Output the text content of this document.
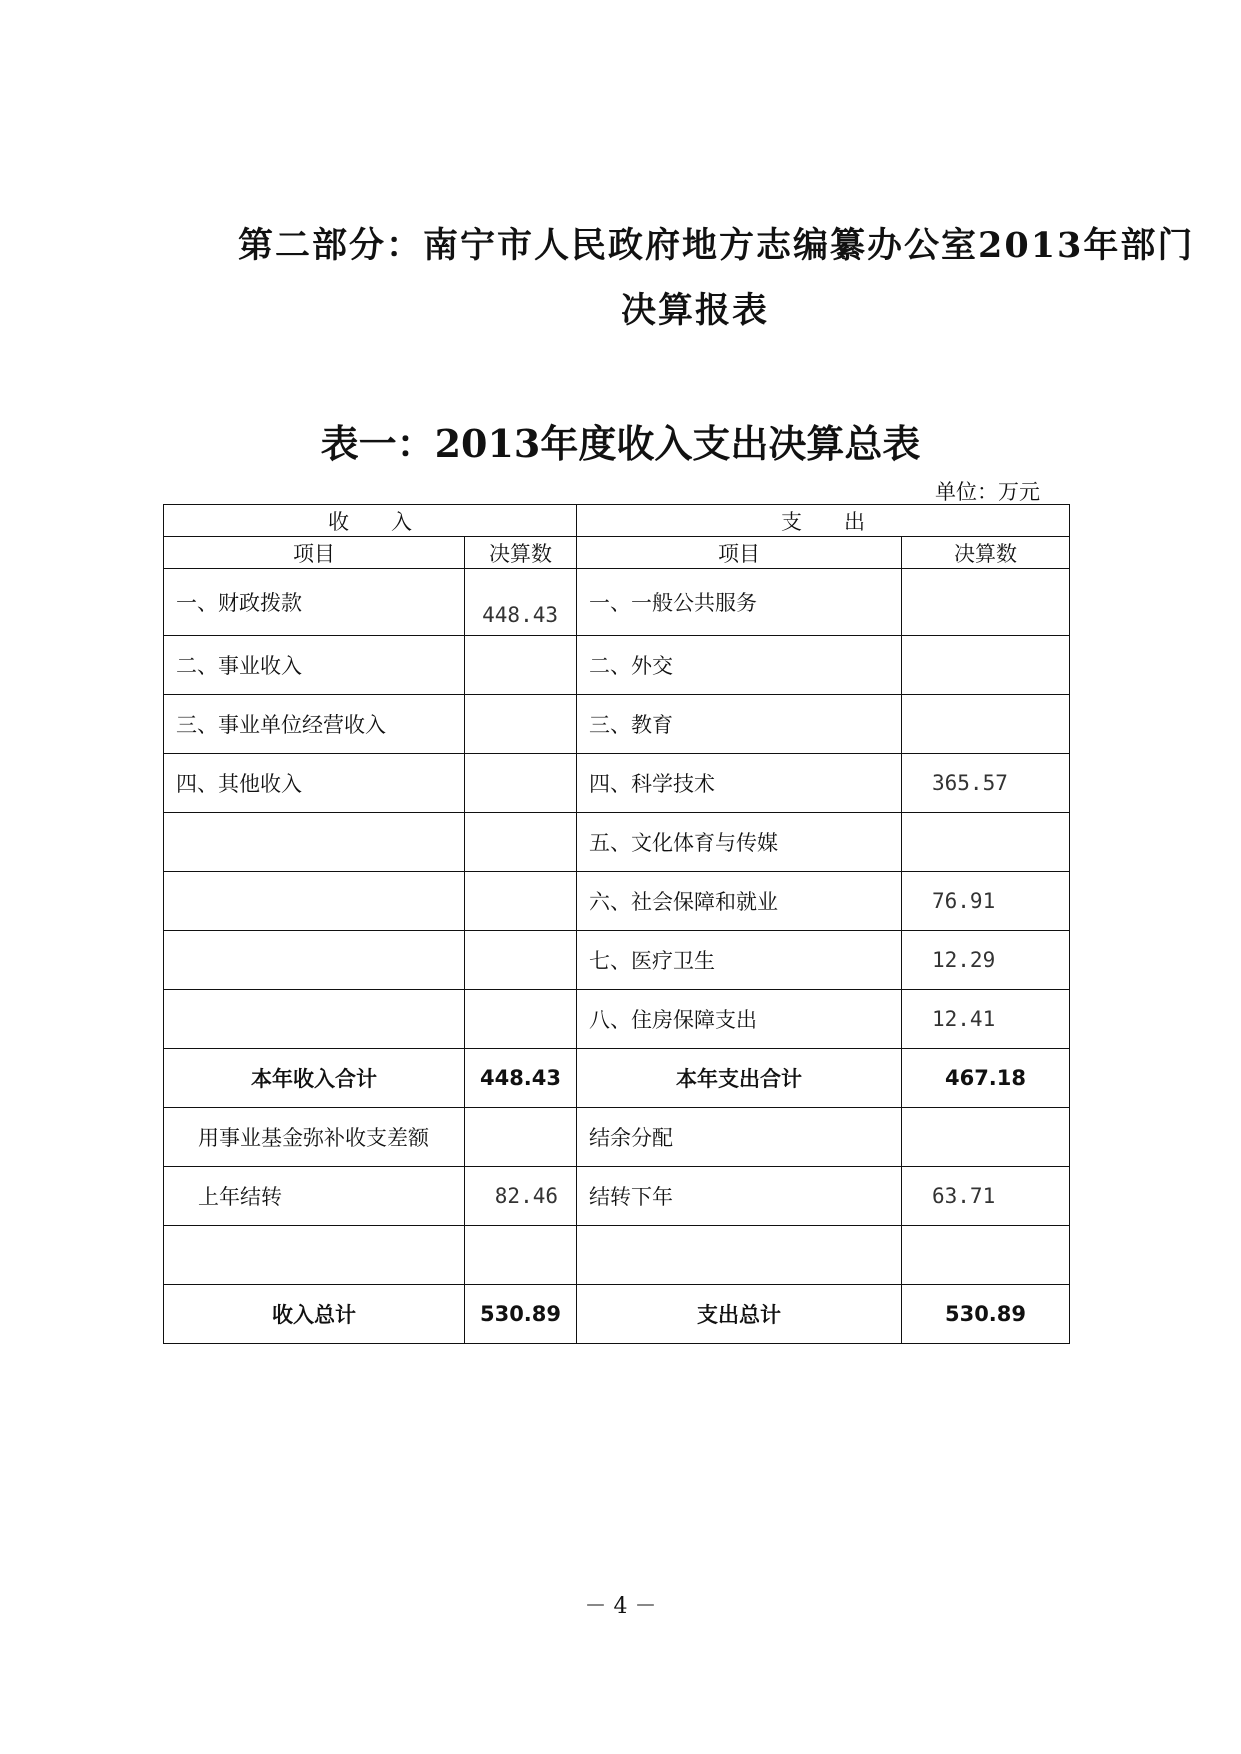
第二部分：南宁市人民政府地方志编纂办公室2013年部门
决算报表
表一：2013年度收入支出决算总表
单位：万元
收　　入		支　　出	
项目	决算数	项目	决算数
一、财政拨款	448.43	一、一般公共服务	
二、事业收入		二、外交	
三、事业单位经营收入		三、教育	
四、其他收入		四、科学技术	365.57
		五、文化体育与传媒	
		六、社会保障和就业	76.91
		七、医疗卫生	12.29
		八、住房保障支出	12.41
本年收入合计	448.43	本年支出合计	467.18
用事业基金弥补收支差额		结余分配	
上年结转	82.46	结转下年	63.71

收入总计	530.89	支出总计	530.89
－ 4 －
